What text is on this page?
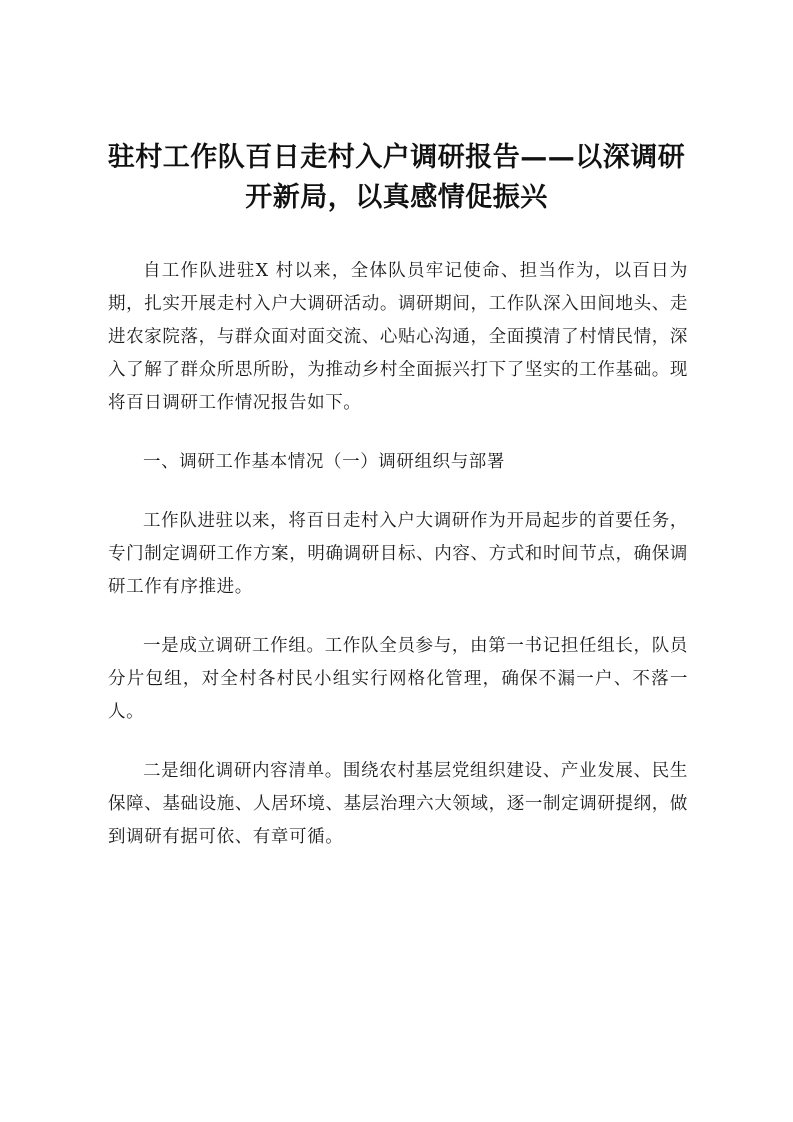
驻村工作队百日走村入户调研报告——以深调研开新局，以真感情促振兴

自工作队进驻X 村以来，全体队员牢记使命、担当作为，以百日为期，扎实开展走村入户大调研活动。调研期间，工作队深入田间地头、走进农家院落，与群众面对面交流、心贴心沟通，全面摸清了村情民情，深入了解了群众所思所盼，为推动乡村全面振兴打下了坚实的工作基础。现将百日调研工作情况报告如下。

一、调研工作基本情况（一）调研组织与部署

工作队进驻以来，将百日走村入户大调研作为开局起步的首要任务，专门制定调研工作方案，明确调研目标、内容、方式和时间节点，确保调研工作有序推进。

一是成立调研工作组。工作队全员参与，由第一书记担任组长，队员分片包组，对全村各村民小组实行网格化管理，确保不漏一户、不落一人。

二是细化调研内容清单。围绕农村基层党组织建设、产业发展、民生保障、基础设施、人居环境、基层治理六大领域，逐一制定调研提纲，做到调研有据可依、有章可循。
